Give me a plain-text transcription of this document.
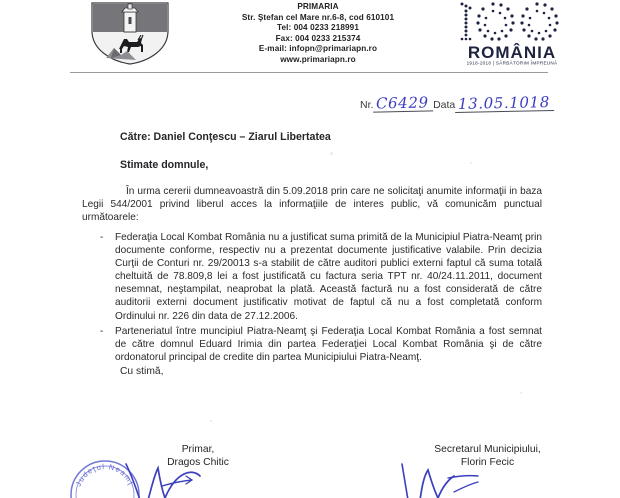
PRIMARIA
Str. Ştefan cel Mare nr.6-8, cod 610101
Tel: 004 0233 218991
Fax: 004 0233 215374
E-mail: infopn@primariapn.ro
www.primariapn.ro	ROMÂNIA
1918-2018 | SĂRBĂTORIM ÎMPREUNĂ
Nr. C6429 Data 13.05.1018
Către: Daniel Conţescu – Ziarul Libertatea
Stimate domnule,
În urma cererii dumneavoastră din 5.09.2018 prin care ne solicitaţi anumite informaţii in baza Legii 544/2001 privind liberul acces la informaţiile de interes public, vă comunicăm punctual următoarele:
- Federaţia Local Kombat România nu a justificat suma primită de la Municipiul Piatra-Neamţ prin documente conforme, respectiv nu a prezentat documente justificative valabile. Prin decizia Curţii de Conturi nr. 29/20013 s-a stabilit de către auditori publici externi faptul că suma totală cheltuită de 78.809,8 lei a fost justificată cu factura seria TPT nr. 40/24.11.2011, document nesemnat, neştampilat, neaprobat la plată. Această factură nu a fost considerată de către auditorii externi document justificativ motivat de faptul că nu a fost completată conform Ordinului nr. 226 din data de 27.12.2006.
- Parteneriatul între muncipiul Piatra-Neamţ şi Federaţia Local Kombat România a fost semnat de către domnul Eduard Irimia din partea Federaţiei Local Kombat România şi de către ordonatorul principal de credite din partea Municipiului Piatra-Neamţ.
Cu stimă,
Primar,
Dragos Chitic
Secretarul Municipiului,
Florin Fecic
Judeţul Neamţ
